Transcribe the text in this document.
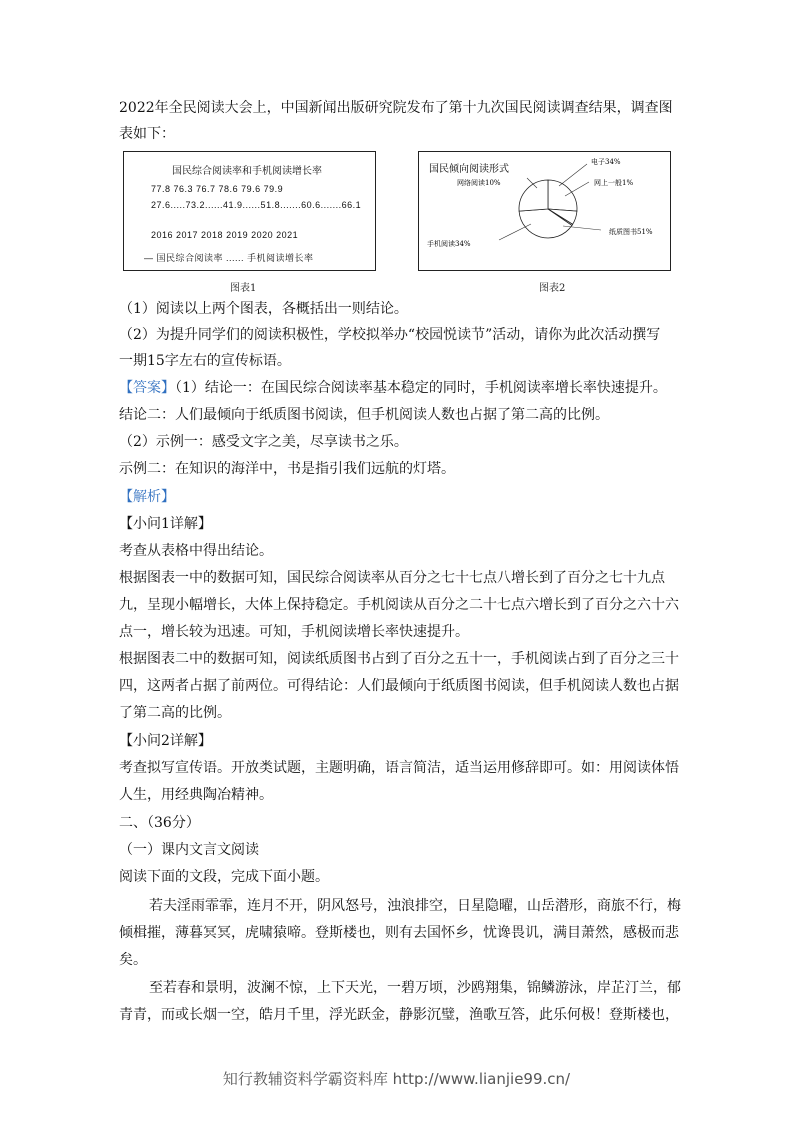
2022年全民阅读大会上，中国新闻出版研究院发布了第十九次国民阅读调查结果，调查图

表如下：

国民综合阅读率和手机阅读增长率
77.8 76.3 76.7 78.6 79.6 79.9
27.6.....73.2......41.9......51.8.......60.6.......66.1
2016 2017 2018 2019 2020 2021
— 国民综合阅读率 ...... 手机阅读增长率
图表1
国民倾向阅读形式
电子34%
网络阅读10%	网上一般1%
纸质图书51%
手机阅读34%
图表2

（1）阅读以上两个图表，各概括出一则结论。

（2）为提升同学们的阅读积极性，学校拟举办“校园悦读节”活动，请你为此次活动撰写

一期15字左右的宣传标语。

【答案】（1）结论一：在国民综合阅读率基本稳定的同时，手机阅读率增长率快速提升。

结论二：人们最倾向于纸质图书阅读，但手机阅读人数也占据了第二高的比例。

（2）示例一：感受文字之美，尽享读书之乐。

示例二：在知识的海洋中，书是指引我们远航的灯塔。

【解析】

【小问1详解】

考查从表格中得出结论。

根据图表一中的数据可知，国民综合阅读率从百分之七十七点八增长到了百分之七十九点

九，呈现小幅增长，大体上保持稳定。手机阅读从百分之二十七点六增长到了百分之六十六

点一，增长较为迅速。可知，手机阅读增长率快速提升。

根据图表二中的数据可知，阅读纸质图书占到了百分之五十一，手机阅读占到了百分之三十

四，这两者占据了前两位。可得结论：人们最倾向于纸质图书阅读，但手机阅读人数也占据

了第二高的比例。

【小问2详解】

考查拟写宣传语。开放类试题，主题明确，语言简洁，适当运用修辞即可。如：用阅读体悟

人生，用经典陶冶精神。

二、（36分）

（一）课内文言文阅读

阅读下面的文段，完成下面小题。

若夫淫雨霏霏，连月不开，阴风怒号，浊浪排空，日星隐曜，山岳潜形，商旅不行，梅

倾楫摧，薄暮冥冥，虎啸猿啼。登斯楼也，则有去国怀乡，忧谗畏讥，满目萧然，感极而悲

矣。

至若春和景明，波澜不惊，上下天光，一碧万顷，沙鸥翔集，锦鳞游泳，岸芷汀兰，郁

青青，而或长烟一空，皓月千里，浮光跃金，静影沉璧，渔歌互答，此乐何极！登斯楼也，

知行教辅资料学霸资料库 http://www.lianjie99.cn/
